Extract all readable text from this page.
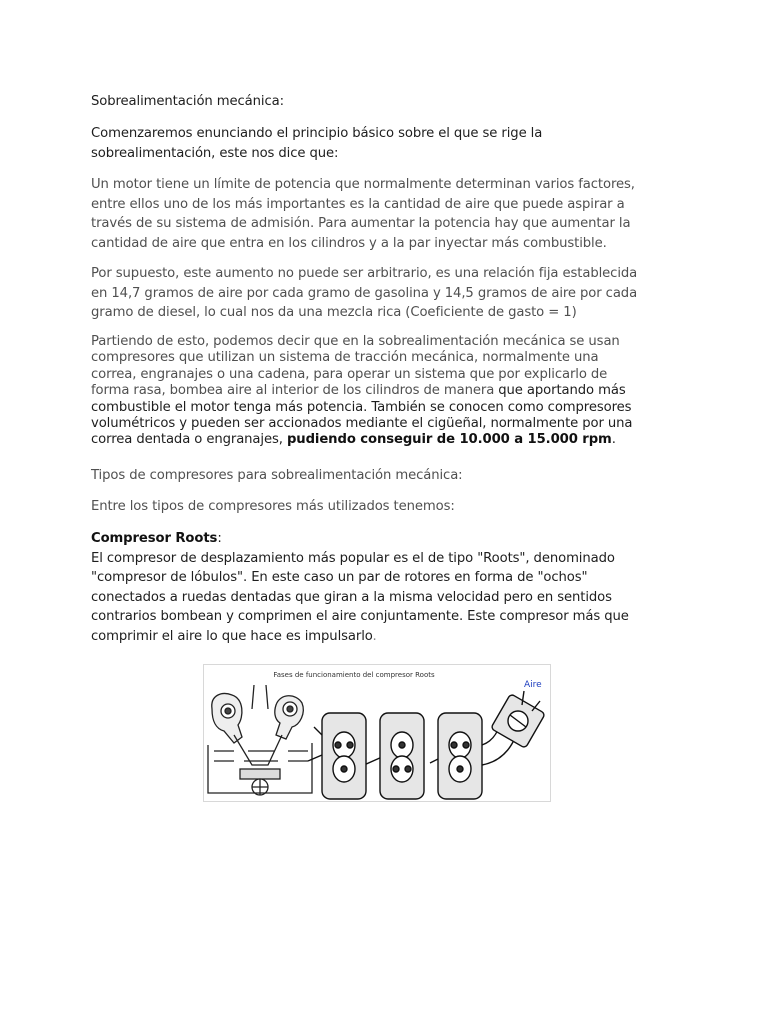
Sobrealimentación mecánica:

Comenzaremos enunciando el principio básico sobre el que se rige la
sobrealimentación, este nos dice que:

Un motor tiene un límite de potencia que normalmente determinan varios factores,
entre ellos uno de los más importantes es la cantidad de aire que puede aspirar a
través de su sistema de admisión. Para aumentar la potencia hay que aumentar la
cantidad de aire que entra en los cilindros y a la par inyectar más combustible.

Por supuesto, este aumento no puede ser arbitrario, es una relación fija establecida
en 14,7 gramos de aire por cada gramo de gasolina y 14,5 gramos de aire por cada
gramo de diesel, lo cual nos da una mezcla rica (Coeficiente de gasto = 1)

Partiendo de esto, podemos decir que en la sobrealimentación mecánica se usan
compresores que utilizan un sistema de tracción mecánica, normalmente una
correa, engranajes o una cadena, para operar un sistema que por explicarlo de
forma rasa, bombea aire al interior de los cilindros de manera que aportando más
combustible el motor tenga más potencia. También se conocen como compresores
volumétricos y pueden ser accionados mediante el cigüeñal, normalmente por una
correa dentada o engranajes, pudiendo conseguir de 10.000 a 15.000 rpm.

Tipos de compresores para sobrealimentación mecánica:

Entre los tipos de compresores más utilizados tenemos:

Compresor Roots:
El compresor de desplazamiento más popular es el de tipo "Roots", denominado
"compresor de lóbulos". En este caso un par de rotores en forma de "ochos"
conectados a ruedas dentadas que giran a la misma velocidad pero en sentidos
contrarios bombean y comprimen el aire conjuntamente. Este compresor más que
comprimir el aire lo que hace es impulsarlo.

Fases de funcionamiento del compresor Roots
Aire
